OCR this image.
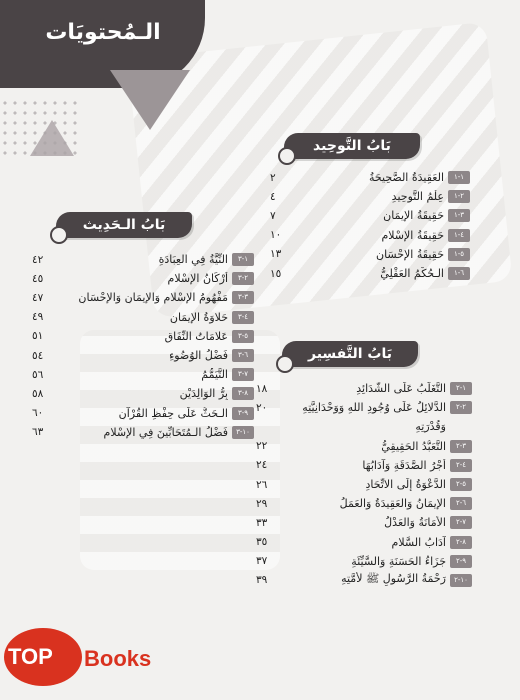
الـمُحتويَات
بَابُ التَّوحِيد
١-١
العَقِيدَةُ الصَّحِيحَةُ
٢
٢-١
عِلْمُ التَّوحِيدِ
٤
٣-١
حَقِيقَةُ الإِيمَانِ
٧
٤-١
حَقِيقَةُ الإِسْلامِ
١٠
٥-١
حَقِيقَةُ الإِحْسَانِ
١٣
٦-١
الـحُكْمُ العَقْلِيُّ
١٥
بَابُ التَّفسِير
١-٢
التَّغَلُّبُ عَلَى الشَّدَائِدِ
١٨
٢-٢
الدَّلائِلُ عَلَى وُجُودِ اللهِ وَوَحْدَانِيَّتِهِ
٢٠
وَقُدْرَتِهِ
٣-٢
التَّعَبُّدُ الحَقِيقِيُّ
٢٢
٤-٢
أَجْرُ الصَّدَقَةِ وَآدَابُهَا
٢٤
٥-٢
الدَّعْوَةُ إِلَى الاتِّحَادِ
٢٦
٦-٢
الإِيمَانُ وَالعَقِيدَةُ وَالعَمَلُ
٢٩
٧-٢
الأَمَانَةُ وَالعَدْلُ
٣٣
٨-٢
آدَابُ السَّلامِ
٣٥
٩-٢
جَزَاءُ الحَسَنَةِ وَالسَّيِّئَةِ
٣٧
١٠-٢
رَحْمَةُ الرَّسُولِ ﷺ لأُمَّتِهِ
٣٩
بَابُ الـحَدِيث
١-٣
النِّيَّةُ فِي العِبَادَةِ
٤٢
٢-٣
أَرْكَانُ الإِسْلامِ
٤٥
٣-٣
مَفْهُومُ الإِسْلامِ وَالإِيمَانِ وَالإِحْسَانِ
٤٧
٤-٣
حَلاوَةُ الإِيمَانِ
٤٩
٥-٣
عَلامَاتُ النِّفَاقِ
٥١
٦-٣
فَضْلُ الوُضُوءِ
٥٤
٧-٣
التَّيَمُّمُ
٥٦
٨-٣
بِرُّ الوَالِدَيْنِ
٥٨
٩-٣
الـحَثُّ عَلَى حِفْظِ القُرْآنِ
٦٠
١٠-٣
فَضْلُ الـمُتَحَابِّينَ فِي الإِسْلامِ
٦٣
TOP Books
